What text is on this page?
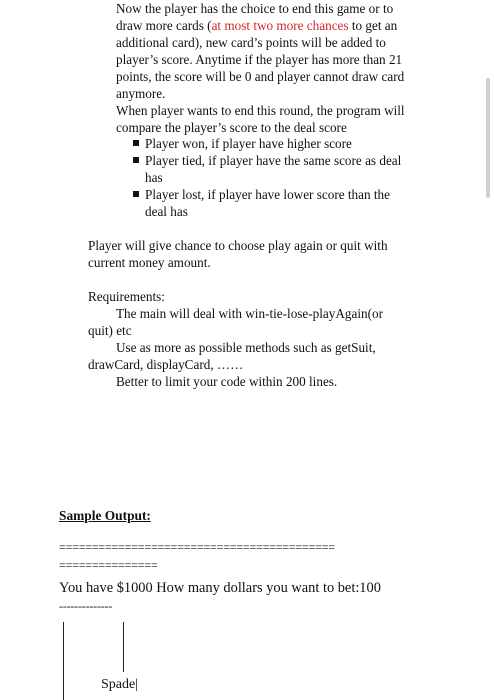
Now the player has the choice to end this game or to
draw more cards (at most two more chances to get an
additional card), new card’s points will be added to
player’s score. Anytime if the player has more than 21
points, the score will be 0 and player cannot draw card
anymore.
When player wants to end this round, the program will
compare the player’s score to the deal score
Player won, if player have higher score
Player tied, if player have the same score as deal
has
Player lost, if player have lower score than the
deal has
Player will give chance to choose play again or quit with
current money amount.
Requirements:
The main will deal with win-tie-lose-playAgain(or
quit) etc
Use as more as possible methods such as getSuit,
drawCard, displayCard, ……
Better to limit your code within 200 lines.
Sample Output:
==========================================
===============
You have $1000 How many dollars you want to bet:100
--------------
Spade|
